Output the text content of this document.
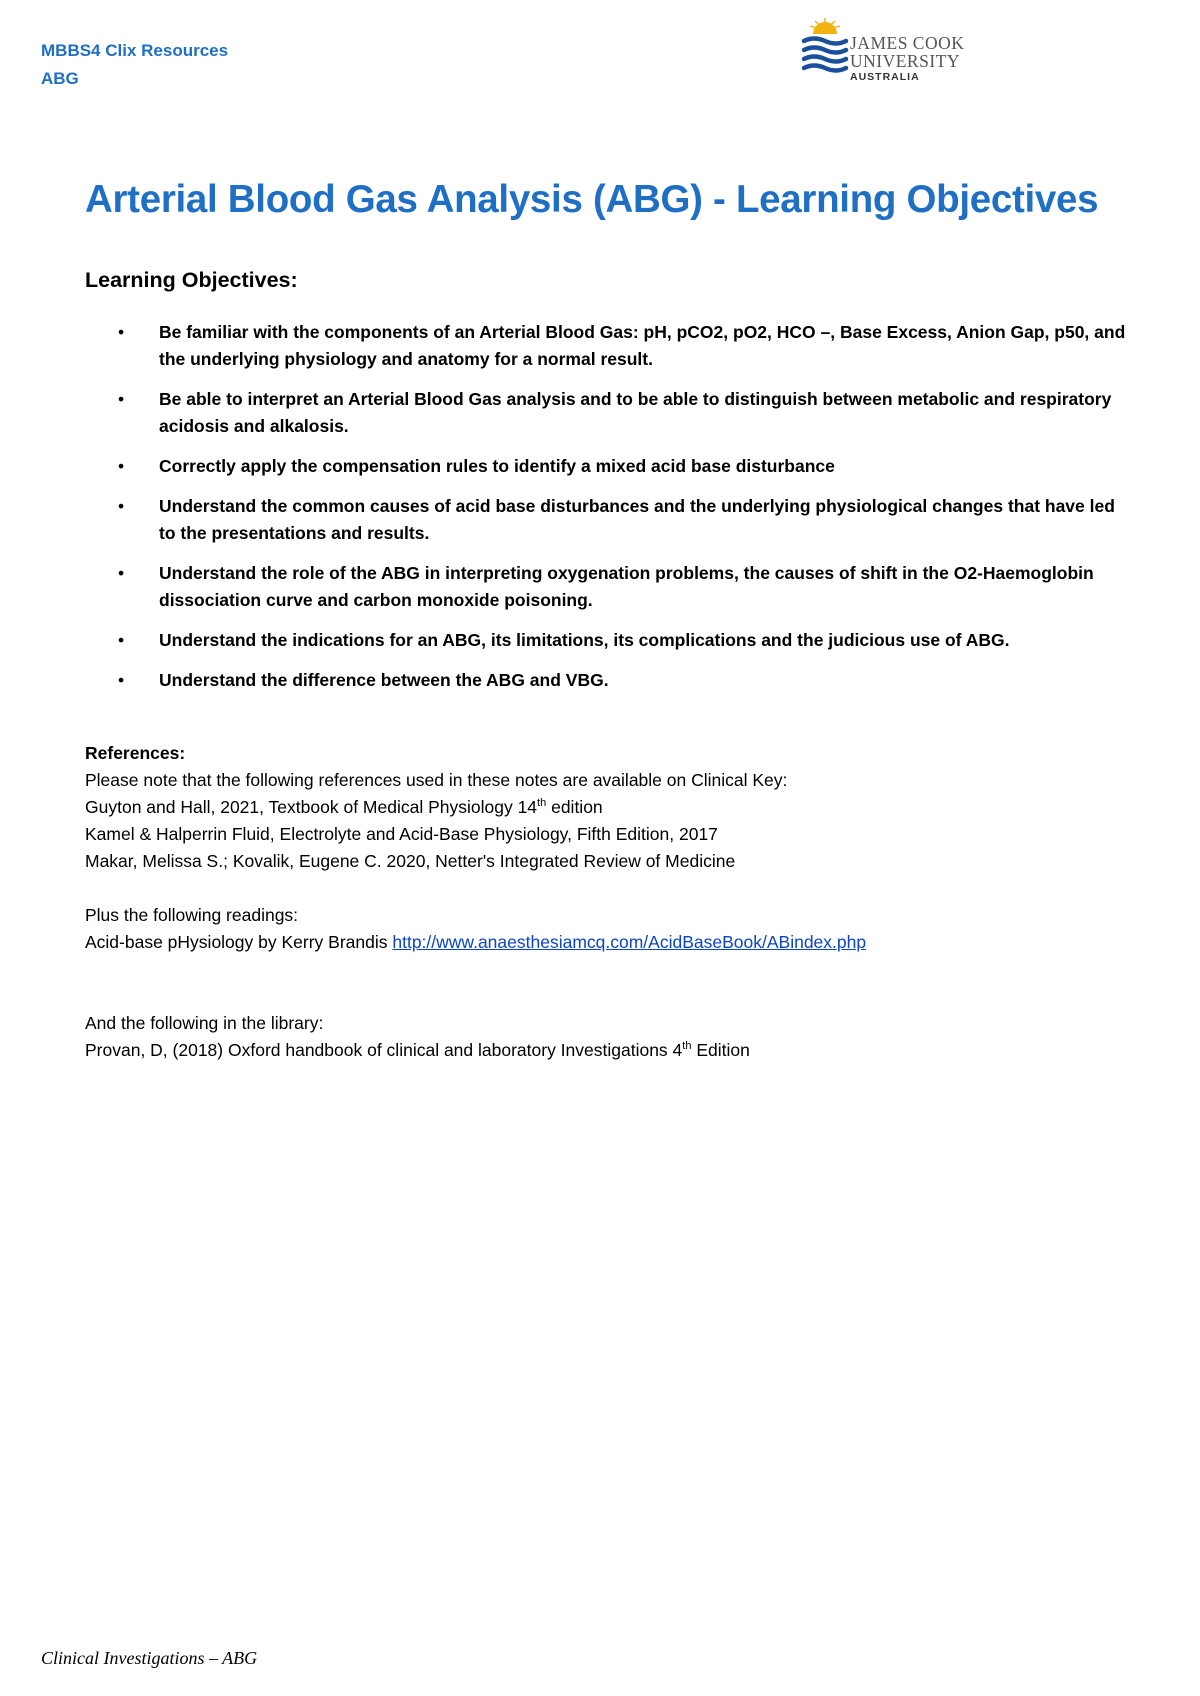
MBBS4 Clix Resources
ABG
JAMES COOK
UNIVERSITY
AUSTRALIA
Arterial Blood Gas Analysis (ABG) - Learning Objectives
Learning Objectives:
• Be familiar with the components of an Arterial Blood Gas: pH, pCO2, pO2, HCO –, Base Excess, Anion Gap, p50, and the underlying physiology and anatomy for a normal result.
• Be able to interpret an Arterial Blood Gas analysis and to be able to distinguish between metabolic and respiratory acidosis and alkalosis.
• Correctly apply the compensation rules to identify a mixed acid base disturbance
• Understand the common causes of acid base disturbances and the underlying physiological changes that have led to the presentations and results.
• Understand the role of the ABG in interpreting oxygenation problems, the causes of shift in the O2-Haemoglobin dissociation curve and carbon monoxide poisoning.
• Understand the indications for an ABG, its limitations, its complications and the judicious use of ABG.
• Understand the difference between the ABG and VBG.

References:

Please note that the following references used in these notes are available on Clinical Key:

Guyton and Hall, 2021, Textbook of Medical Physiology 14th edition

Kamel & Halperrin Fluid, Electrolyte and Acid-Base Physiology, Fifth Edition, 2017

Makar, Melissa S.; Kovalik, Eugene C. 2020, Netter's Integrated Review of Medicine

Plus the following readings:

Acid-base pHysiology by Kerry Brandis http://www.anaesthesiamcq.com/AcidBaseBook/ABindex.php

And the following in the library:

Provan, D, (2018) Oxford handbook of clinical and laboratory Investigations 4th Edition

Clinical Investigations – ABG
